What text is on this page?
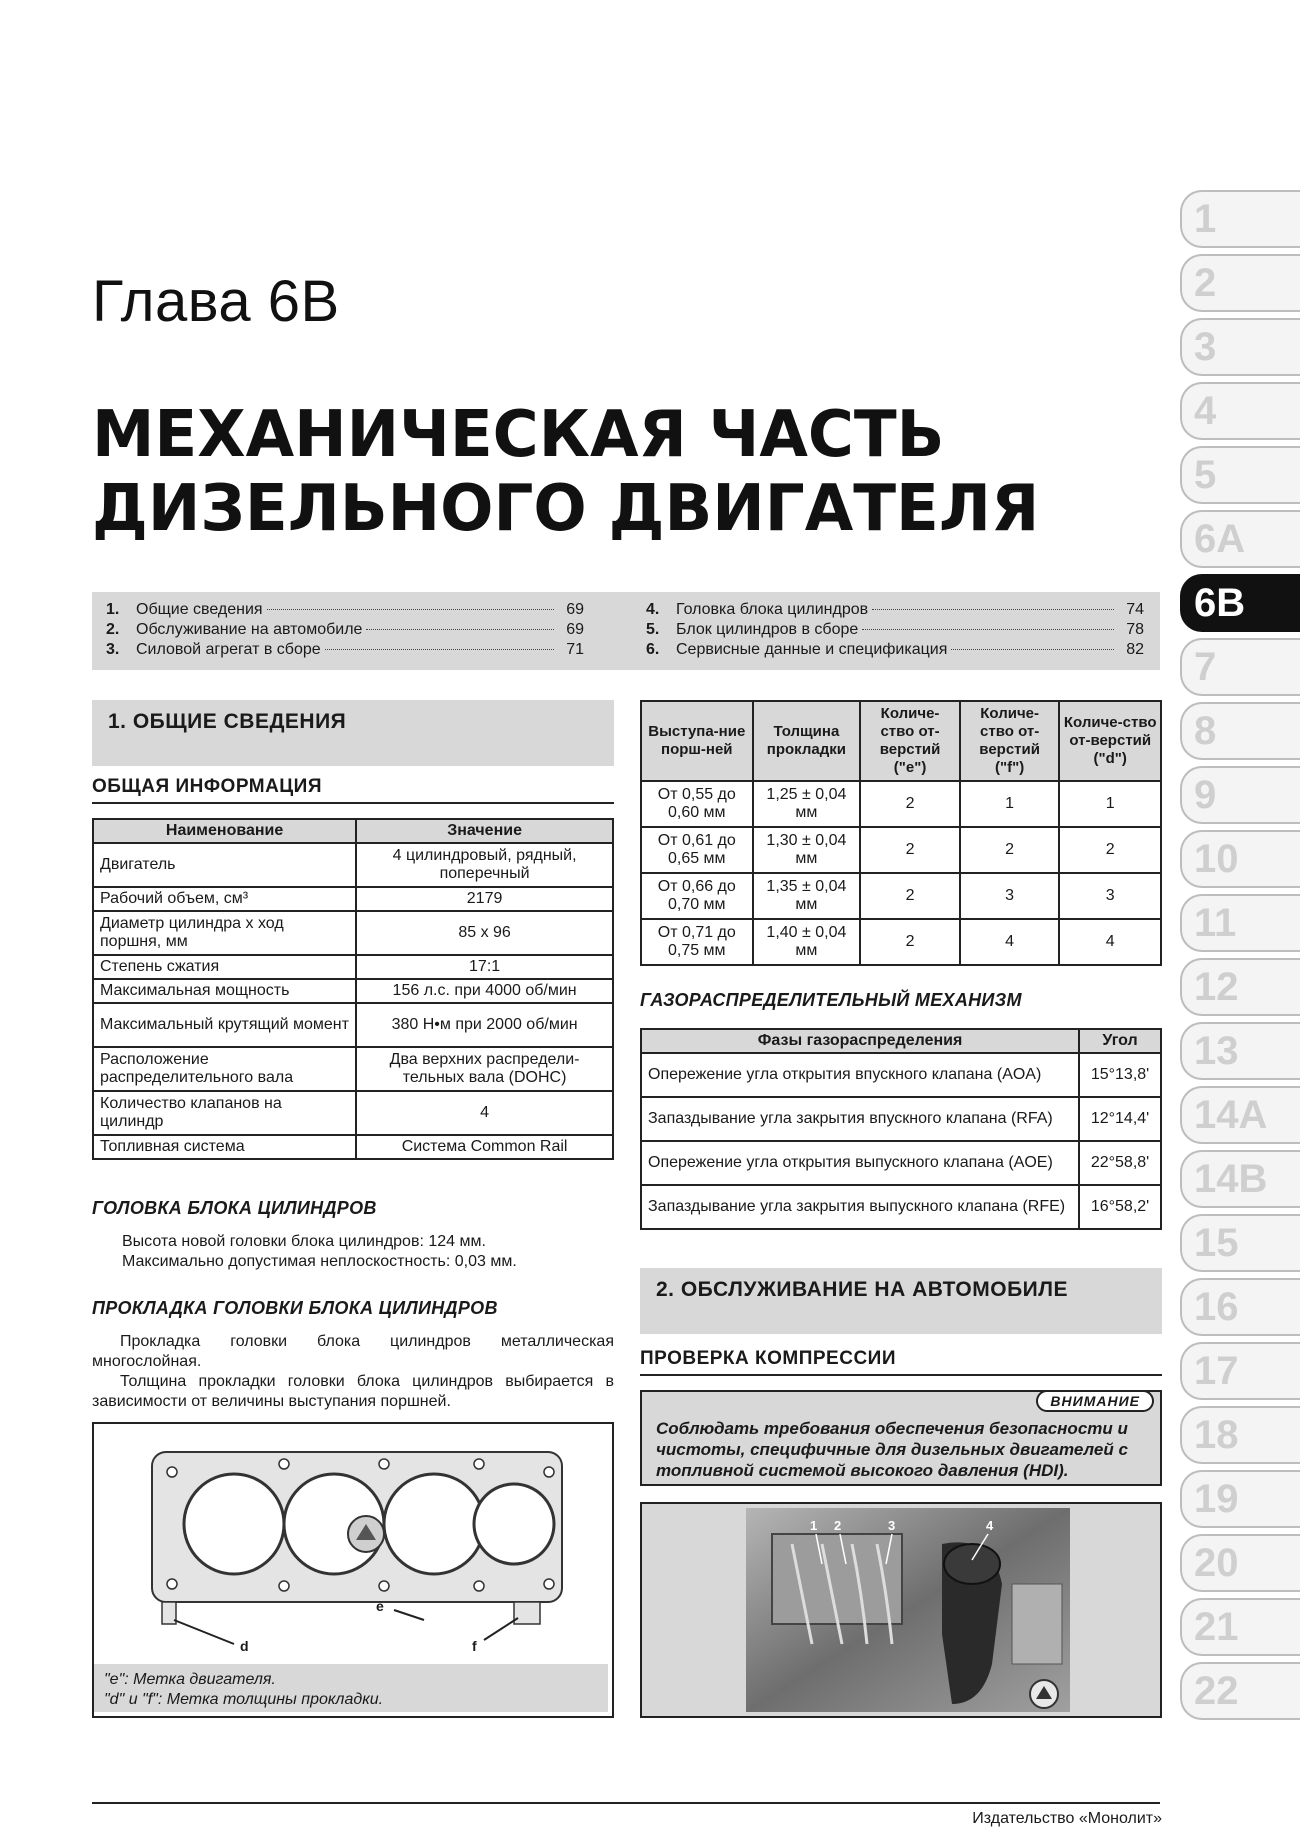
Глава 6В
МЕХАНИЧЕСКАЯ ЧАСТЬ
ДИЗЕЛЬНОГО ДВИГАТЕЛЯ
1.	Общие сведения	69
2.	Обслуживание на автомобиле	69
3.	Силовой агрегат в сборе	71
4.	Головка блока цилиндров	74
5.	Блок цилиндров в сборе	78
6.	Сервисные данные и спецификация	82
1. ОБЩИЕ СВЕДЕНИЯ
ОБЩАЯ ИНФОРМАЦИЯ
Наименование	Значение
Двигатель	4 цилиндровый, рядный, поперечный
Рабочий объем, см³	2179
Диаметр цилиндра x ход поршня, мм	85 x 96
Степень сжатия	17:1
Максимальная мощность	156 л.с. при 4000 об/мин
Максимальный крутящий момент	380 Н•м при 2000 об/мин
Расположение распределительного вала	Два верхних распредели-тельных вала (DOHC)
Количество клапанов на цилиндр	4
Топливная система	Система Common Rail
ГОЛОВКА БЛОКА ЦИЛИНДРОВ
Высота новой головки блока цилиндров: 124 мм.
Максимально допустимая неплоскостность: 0,03 мм.
ПРОКЛАДКА ГОЛОВКИ БЛОКА ЦИЛИНДРОВ
Прокладка головки блока цилиндров металлическая многослойная.
Толщина прокладки головки блока цилиндров выбирается в зависимости от величины выступания поршней.
d
e
f
"e": Метка двигателя.
"d" и "f": Метка толщины прокладки.
Выступа-ние порш-ней	Толщина прокладки	Количе-ство от-верстий ("e")	Количе-ство от-верстий ("f")	Количе-ство от-верстий ("d")
От 0,55 до 0,60 мм	1,25 ± 0,04 мм	2	1	1
От 0,61 до 0,65 мм	1,30 ± 0,04 мм	2	2	2
От 0,66 до 0,70 мм	1,35 ± 0,04 мм	2	3	3
От 0,71 до 0,75 мм	1,40 ± 0,04 мм	2	4	4
ГАЗОРАСПРЕДЕЛИТЕЛЬНЫЙ МЕХАНИЗМ
Фазы газораспределения	Угол
Опережение угла открытия впускного клапана (AOA)	15°13,8'
Запаздывание угла закрытия впускного клапана (RFA)	12°14,4'
Опережение угла открытия выпускного клапана (AOE)	22°58,8'
Запаздывание угла закрытия выпускного клапана (RFE)	16°58,2'
2. ОБСЛУЖИВАНИЕ НА АВТОМОБИЛЕ
ПРОВЕРКА КОМПРЕССИИ
ВНИМАНИЕ
Соблюдать требования обеспечения безопасности и чистоты, специфичные для дизельных двигателей с топливной системой высокого давления (HDI).
1 2	3	4
1
2
3
4
5
6A
6B
7
8
9
10
11
12
13
14A
14B
15
16
17
18
19
20
21
22
Издательство «Монолит»
